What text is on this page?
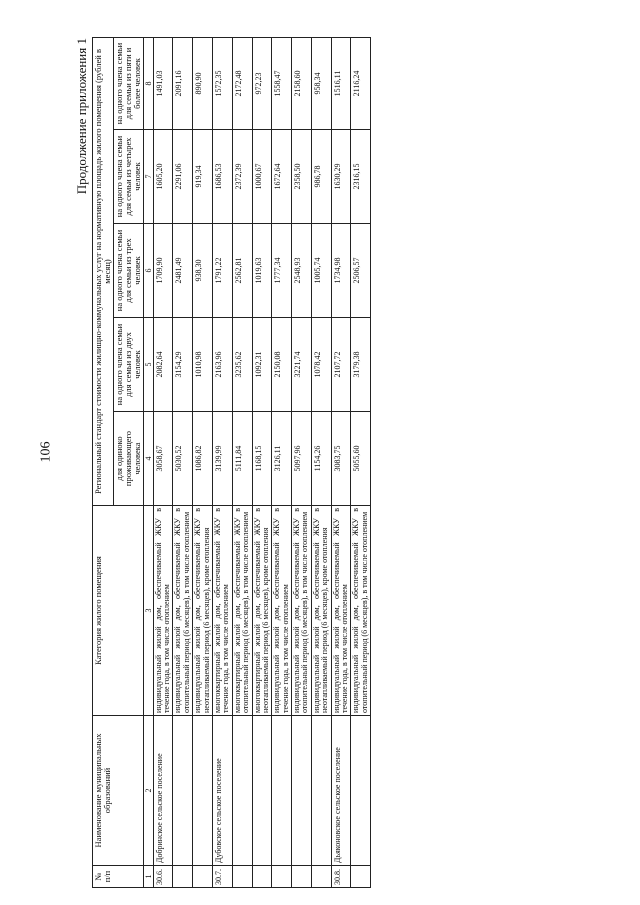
106
Продолжение приложения 1
№ п/п	Наименование муниципальных образований	Категория жилого помещения	Региональный стандарт стоимости жилищно-коммунальных услуг на нормативную площадь жилого помещения (рублей в месяц)				
			для одиноко проживающего человека	на одного члена семьи для семьи из двух человек	на одного члена семьи для семьи из трех человек	на одного члена семьи для семьи из четырех человек	на одного члена семьи для семьи из пяти и более человек
1	2	3	4	5	6	7	8
30.6.	Добринское сельское поселение	индивидуальный жилой дом, обеспечиваемый ЖКУ в течение года, в том числе отоплением	3058,67	2082,64	1709,90	1605,20	1491,03
		индивидуальный жилой дом, обеспечиваемый ЖКУ в отопительный период (6 месяцев), в том числе отоплением	5030,52	3154,29	2481,49	2291,06	2091,16
		индивидуальный жилой дом, обеспечиваемый ЖКУ в неотапливаемый период (6 месяцев), кроме отопления	1086,82	1010,98	938,30	919,34	890,90
30.7.	Дубовское сельское поселение	многоквартирный жилой дом, обеспечиваемый ЖКУ в течение года, в том числе отоплением	3139,99	2163,96	1791,22	1686,53	1572,35
		многоквартирный жилой дом, обеспечиваемый ЖКУ в отопительный период (6 месяцев), в том числе отоплением	5111,84	3235,62	2562,81	2372,39	2172,48
		многоквартирный жилой дом, обеспечиваемый ЖКУ в неотапливаемый период (6 месяцев), кроме отопления	1168,15	1092,31	1019,63	1000,67	972,23
		индивидуальный жилой дом, обеспечиваемый ЖКУ в течение года, в том числе отоплением	3126,11	2150,08	1777,34	1672,64	1558,47
		индивидуальный жилой дом, обеспечиваемый ЖКУ в отопительный период (6 месяцев), в том числе отоплением	5097,96	3221,74	2548,93	2358,50	2158,60
		индивидуальный жилой дом, обеспечиваемый ЖКУ в неотапливаемый период (6 месяцев), кроме отопления	1154,26	1078,42	1005,74	986,78	958,34
30.8.	Дьяконовское сельское поселение	индивидуальный жилой дом, обеспечиваемый ЖКУ в течение года, в том числе отоплением	3083,75	2107,72	1734,98	1630,29	1516,11
		индивидуальный жилой дом, обеспечиваемый ЖКУ в отопительный период (6 месяцев), в том числе отоплением	5055,60	3179,38	2506,57	2316,15	2116,24
